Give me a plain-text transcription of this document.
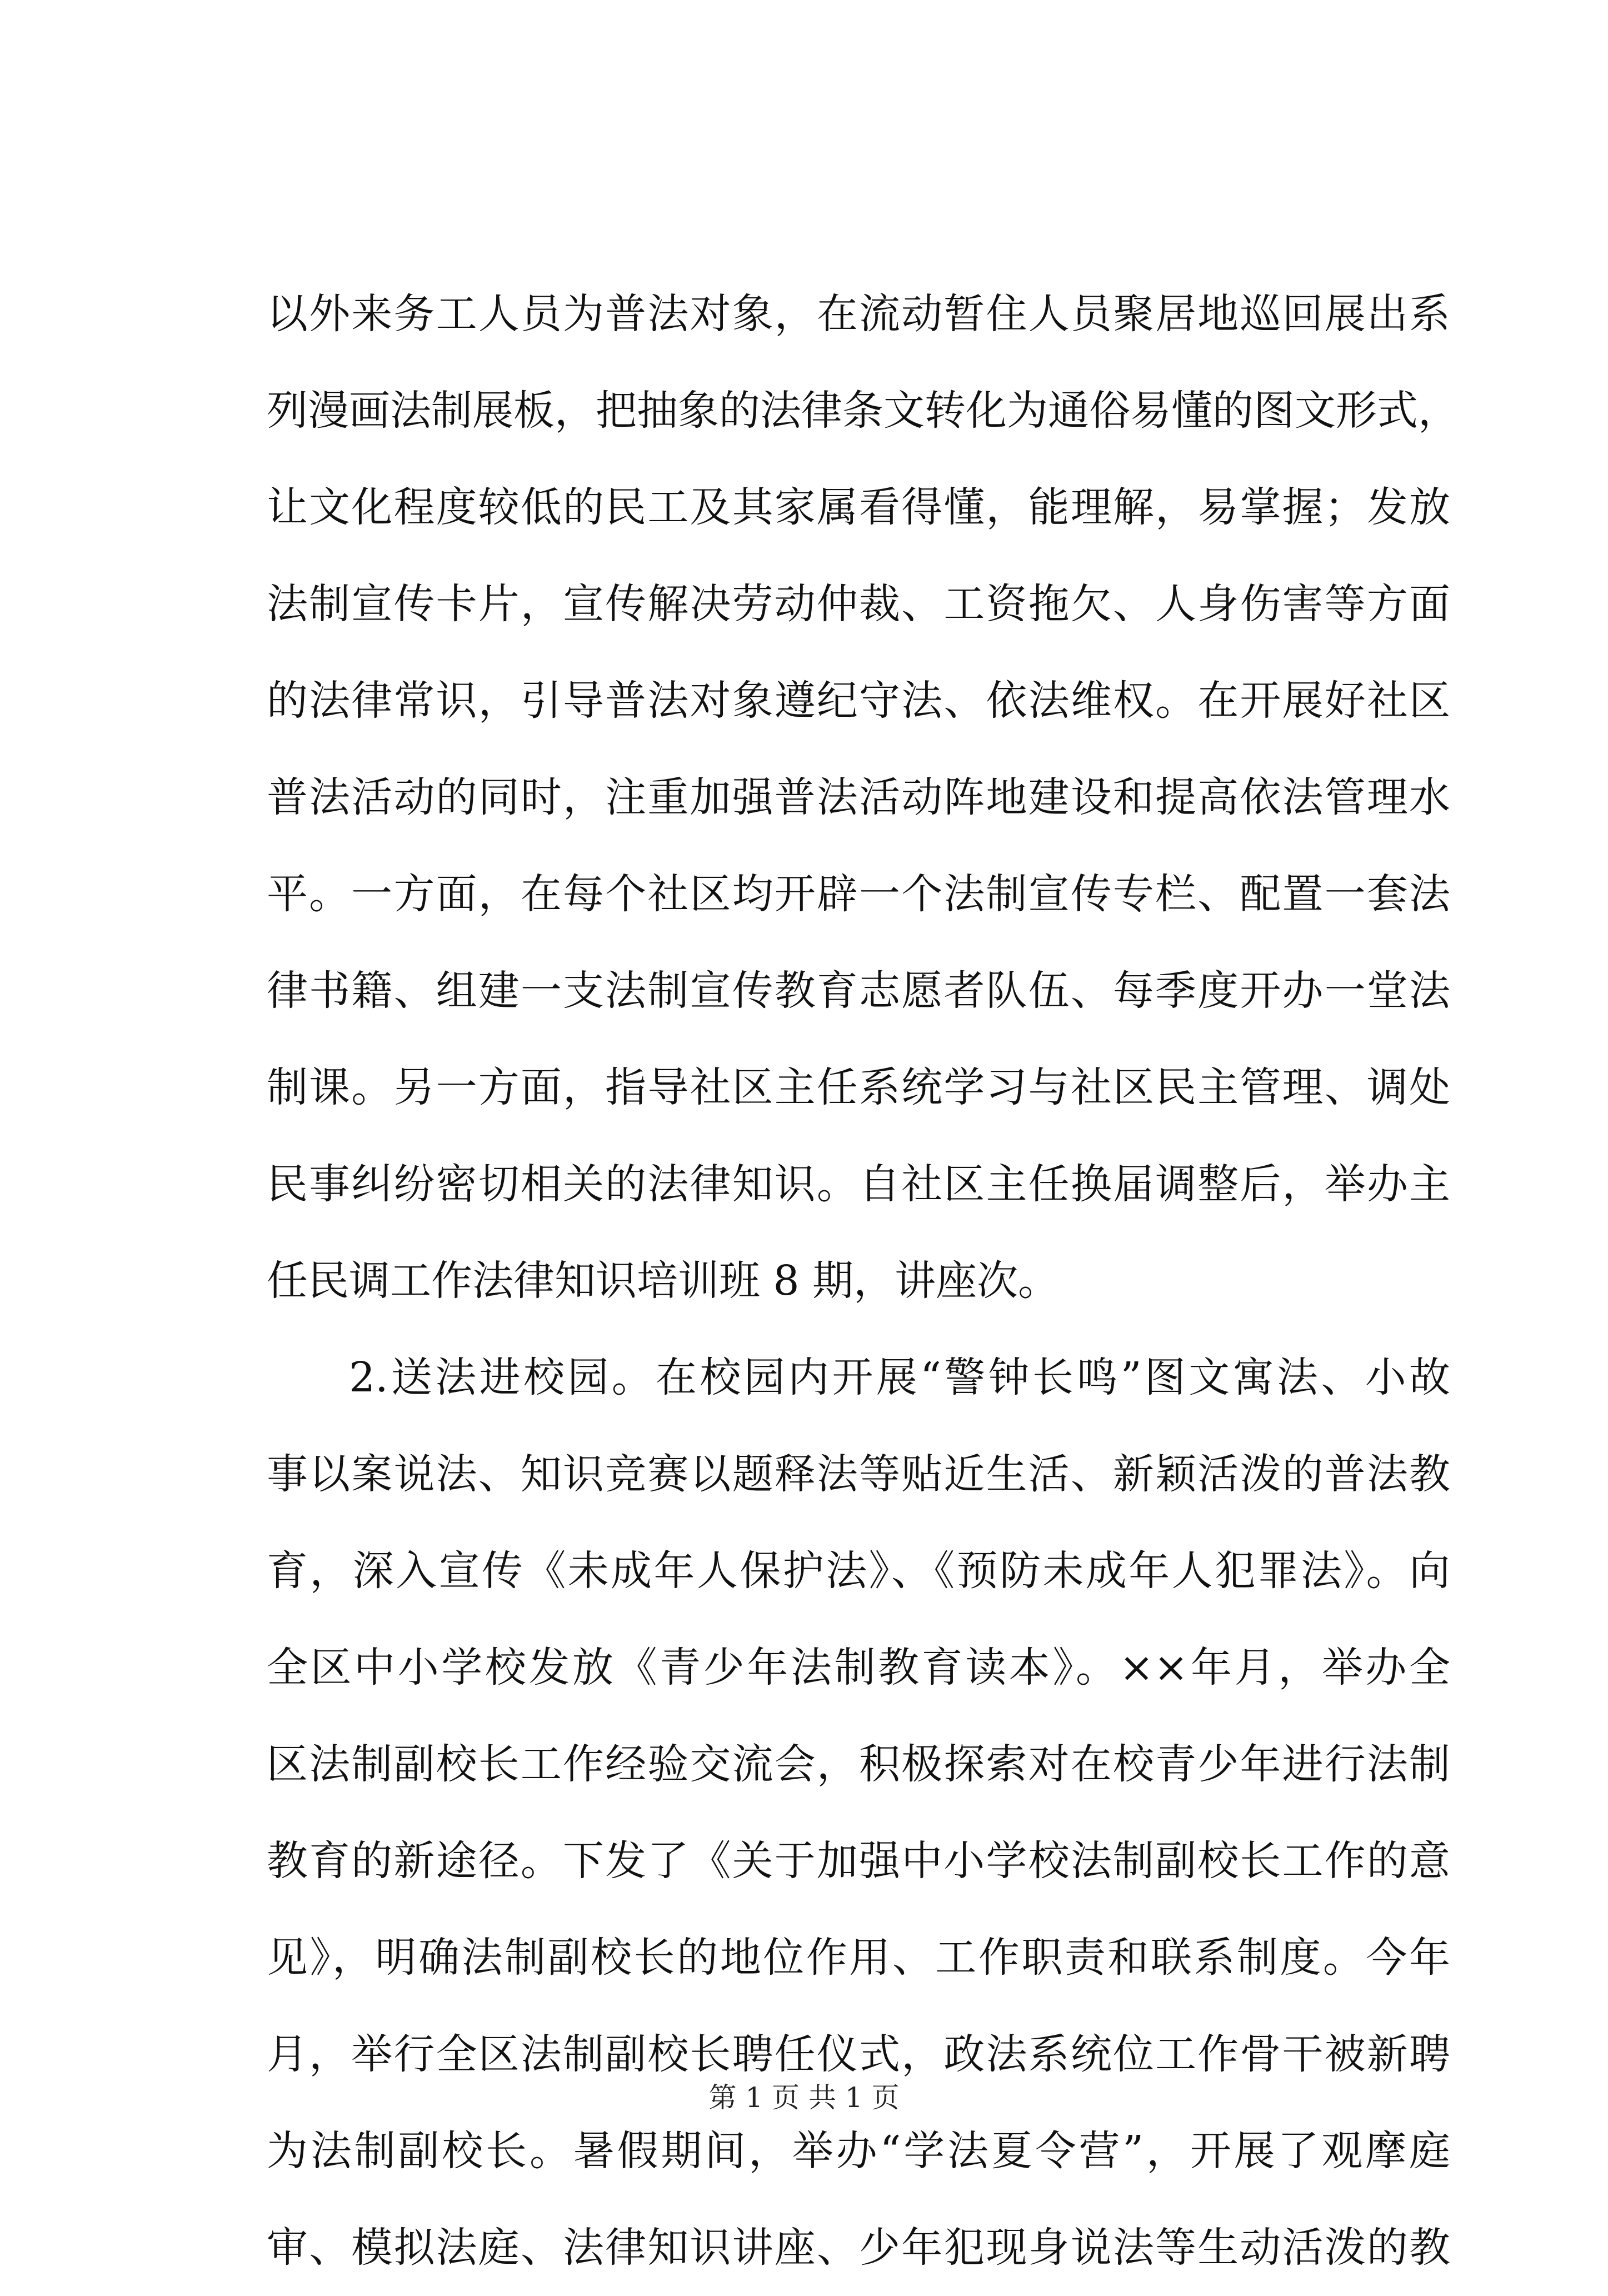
以外来务工人员为普法对象，在流动暂住人员聚居地巡回展出系
列漫画法制展板，把抽象的法律条文转化为通俗易懂的图文形式，
让文化程度较低的民工及其家属看得懂，能理解，易掌握；发放
法制宣传卡片，宣传解决劳动仲裁、工资拖欠、人身伤害等方面
的法律常识，引导普法对象遵纪守法、依法维权。在开展好社区
普法活动的同时，注重加强普法活动阵地建设和提高依法管理水
平。一方面，在每个社区均开辟一个法制宣传专栏、配置一套法
律书籍、组建一支法制宣传教育志愿者队伍、每季度开办一堂法
制课。另一方面，指导社区主任系统学习与社区民主管理、调处
民事纠纷密切相关的法律知识。自社区主任换届调整后，举办主
任民调工作法律知识培训班 8 期，讲座次。
2.送法进校园。在校园内开展“警钟长鸣”图文寓法、小故
事以案说法、知识竞赛以题释法等贴近生活、新颖活泼的普法教
育，深入宣传《未成年人保护法》、《预防未成年人犯罪法》。向
全区中小学校发放《青少年法制教育读本》。××年月，举办全
区法制副校长工作经验交流会，积极探索对在校青少年进行法制
教育的新途径。下发了《关于加强中小学校法制副校长工作的意
见》，明确法制副校长的地位作用、工作职责和联系制度。今年
月，举行全区法制副校长聘任仪式，政法系统位工作骨干被新聘
为法制副校长。暑假期间，举办“学法夏令营”，开展了观摩庭
审、模拟法庭、法律知识讲座、少年犯现身说法等生动活泼的教
第 1 页 共 1 页
